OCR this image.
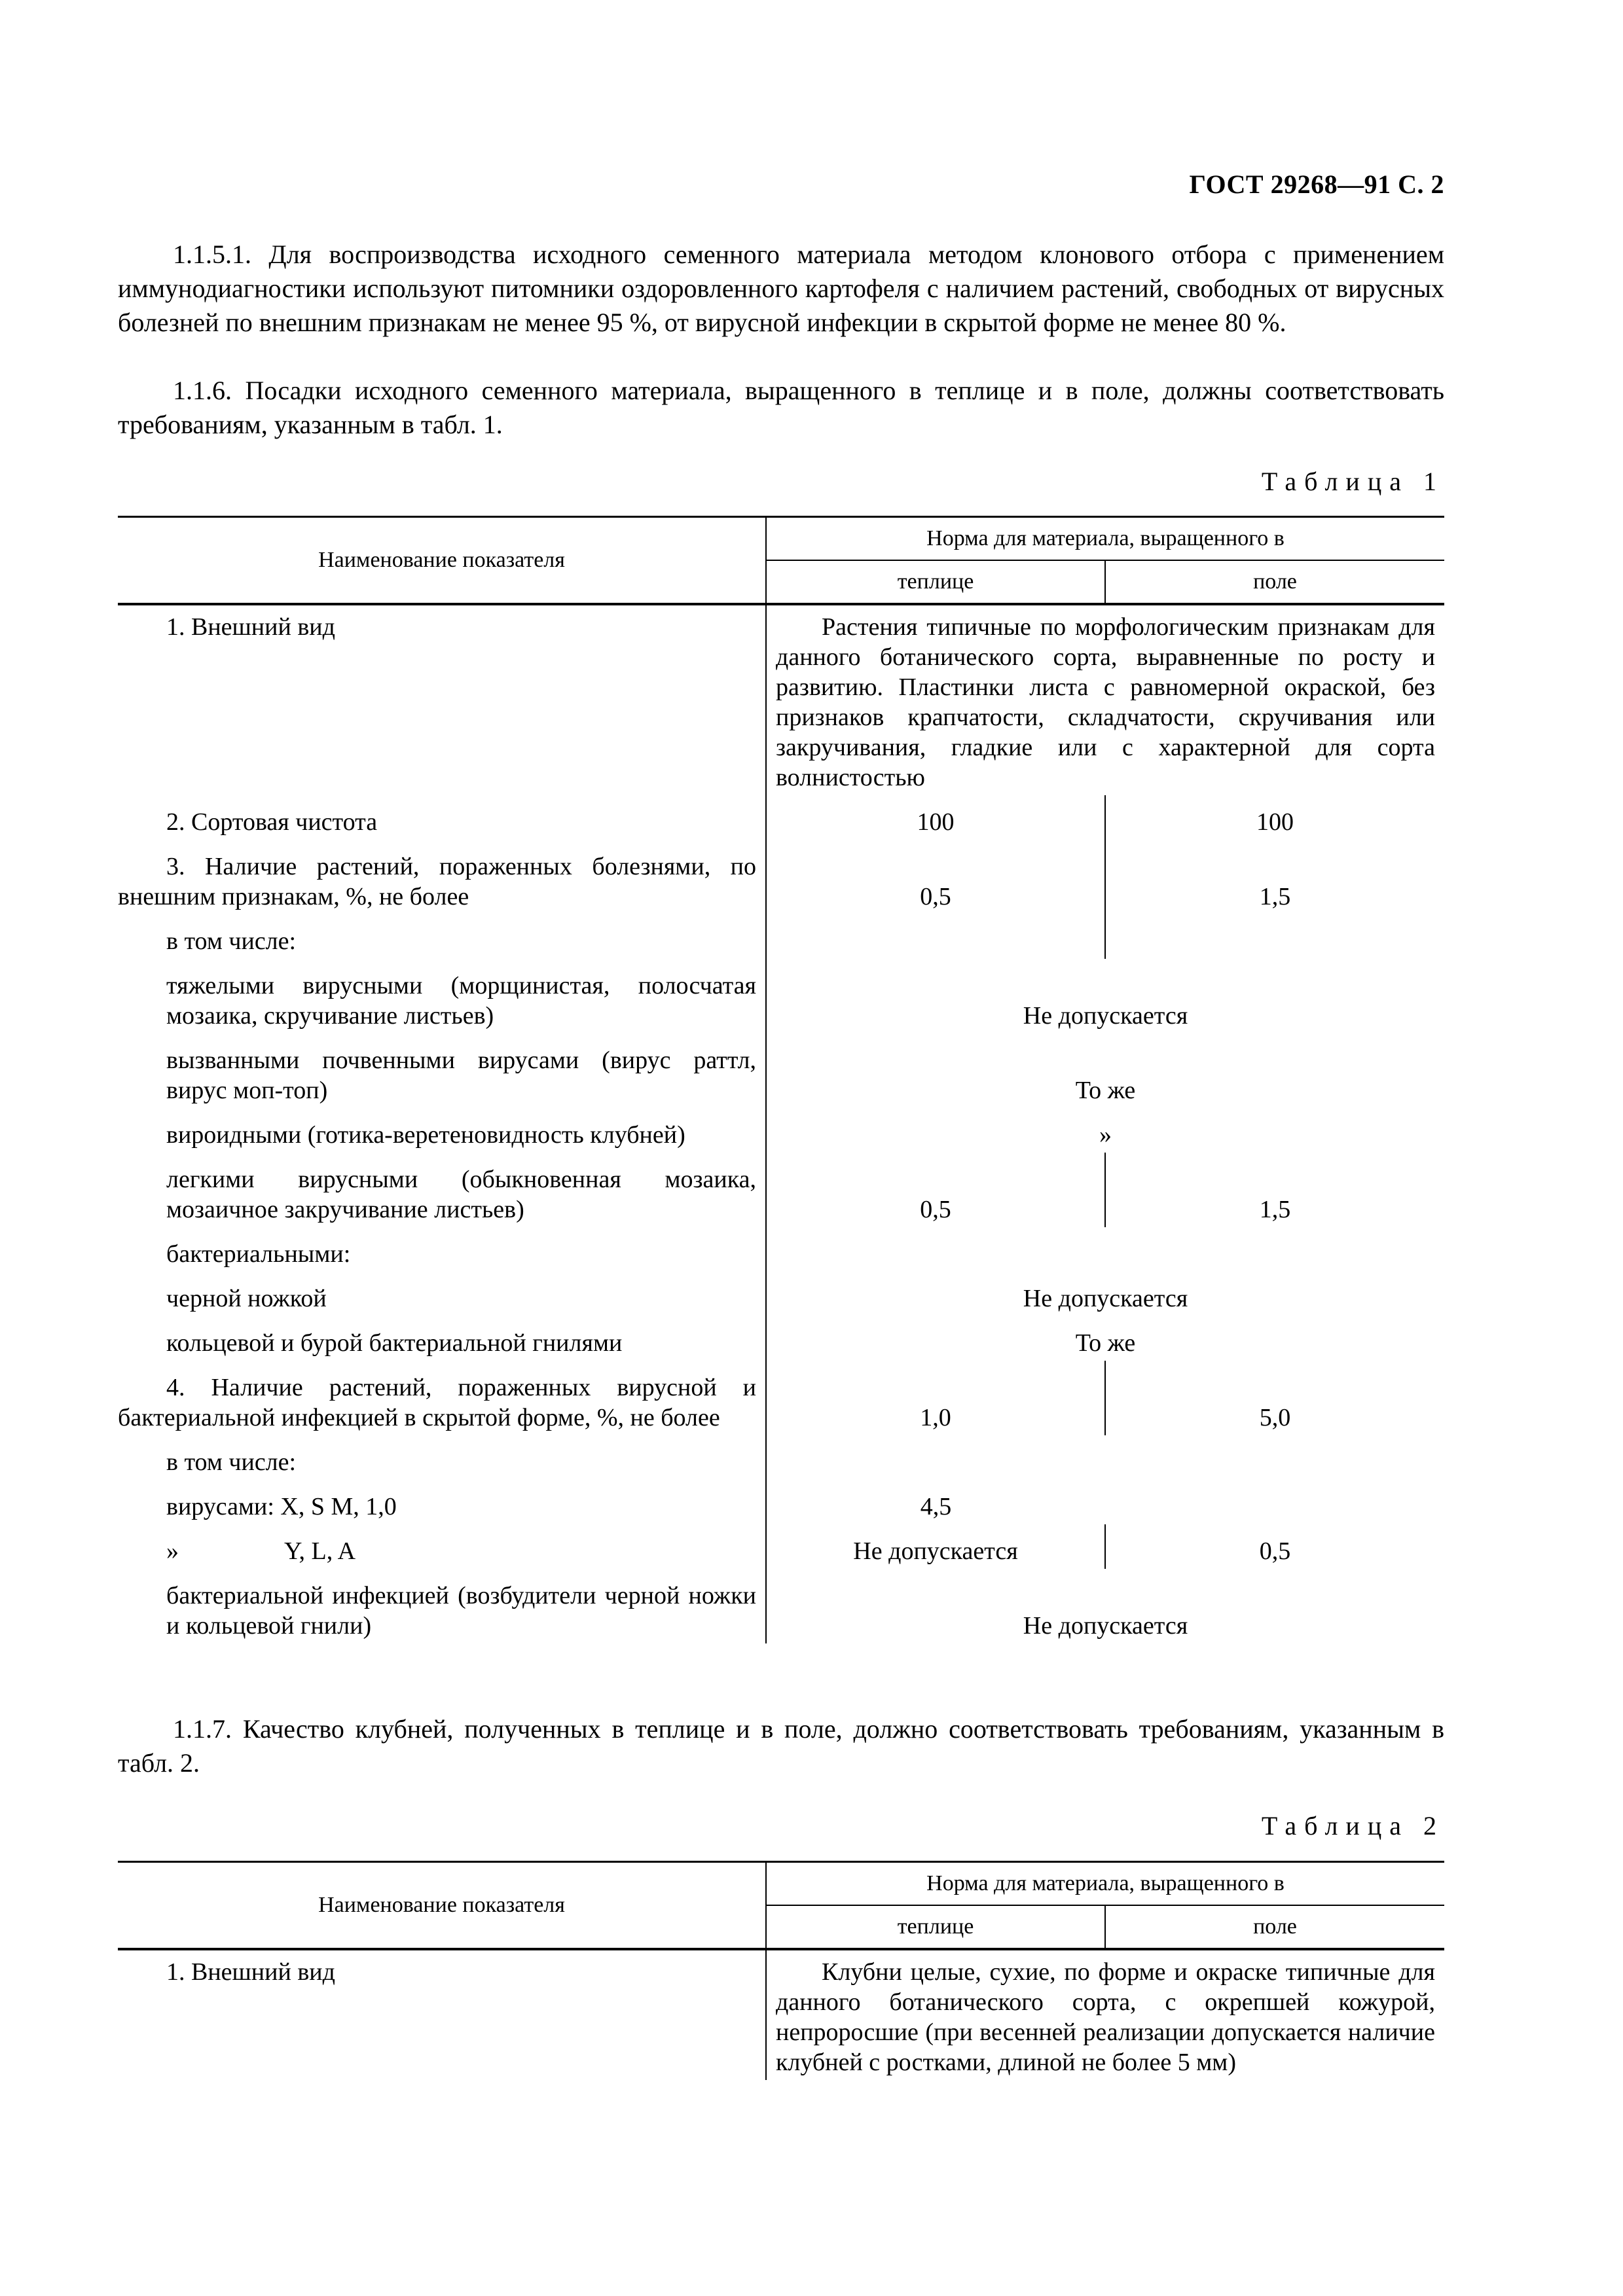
ГОСТ 29268—91 С. 2
1.1.5.1. Для воспроизводства исходного семенного материала методом клонового отбора с применением иммунодиагностики используют питомники оздоровленного картофеля с наличием растений, свободных от вирусных болезней по внешним признакам не менее 95 %, от вирусной инфекции в скрытой форме не менее 80 %.
1.1.6. Посадки исходного семенного материала, выращенного в теплице и в поле, должны соответствовать требованиям, указанным в табл. 1.
Таблица 1
Наименование показателя	Норма для материала, выращенного в	
	теплице	поле
1. Внешний вид	Растения типичные по морфологическим признакам для данного ботанического сорта, выравненные по росту и развитию. Пластинки листа с равномерной окраской, без признаков крапчатости, складчатости, скручивания или закручивания, гладкие или с характерной для сорта волнистостью	
2. Сортовая чистота	100	100
3. Наличие растений, пораженных болезнями, по внешним признакам, %, не более	0,5	1,5
в том числе:		
тяжелыми вирусными (морщинистая, полосчатая мозаика, скручивание листьев)	Не допускается	
вызванными почвенными вирусами (вирус раттл, вирус моп-топ)	То же	
вироидными (готика-веретеновидность клубней)	»	
легкими вирусными (обыкновенная мозаика, мозаичное закручивание листьев)	0,5	1,5
бактериальными:		
черной ножкой	Не допускается	
кольцевой и бурой бактериальной гнилями	То же	
4. Наличие растений, пораженных вирусной и бактериальной инфекцией в скрытой форме, %, не более	1,0	5,0
в том числе:		
вирусами: X, S M, 1,0	4,5	
» Y, L, A	Не допускается	0,5
бактериальной инфекцией (возбудители черной ножки и кольцевой гнили)	Не допускается	
1.1.7. Качество клубней, полученных в теплице и в поле, должно соответствовать требованиям, указанным в табл. 2.
Таблица 2
Наименование показателя	Норма для материала, выращенного в	
	теплице	поле
1. Внешний вид	Клубни целые, сухие, по форме и окраске типичные для данного ботанического сорта, с окрепшей кожурой, непроросшие (при весенней реализации допускается наличие клубней с ростками, длиной не более 5 мм)	
